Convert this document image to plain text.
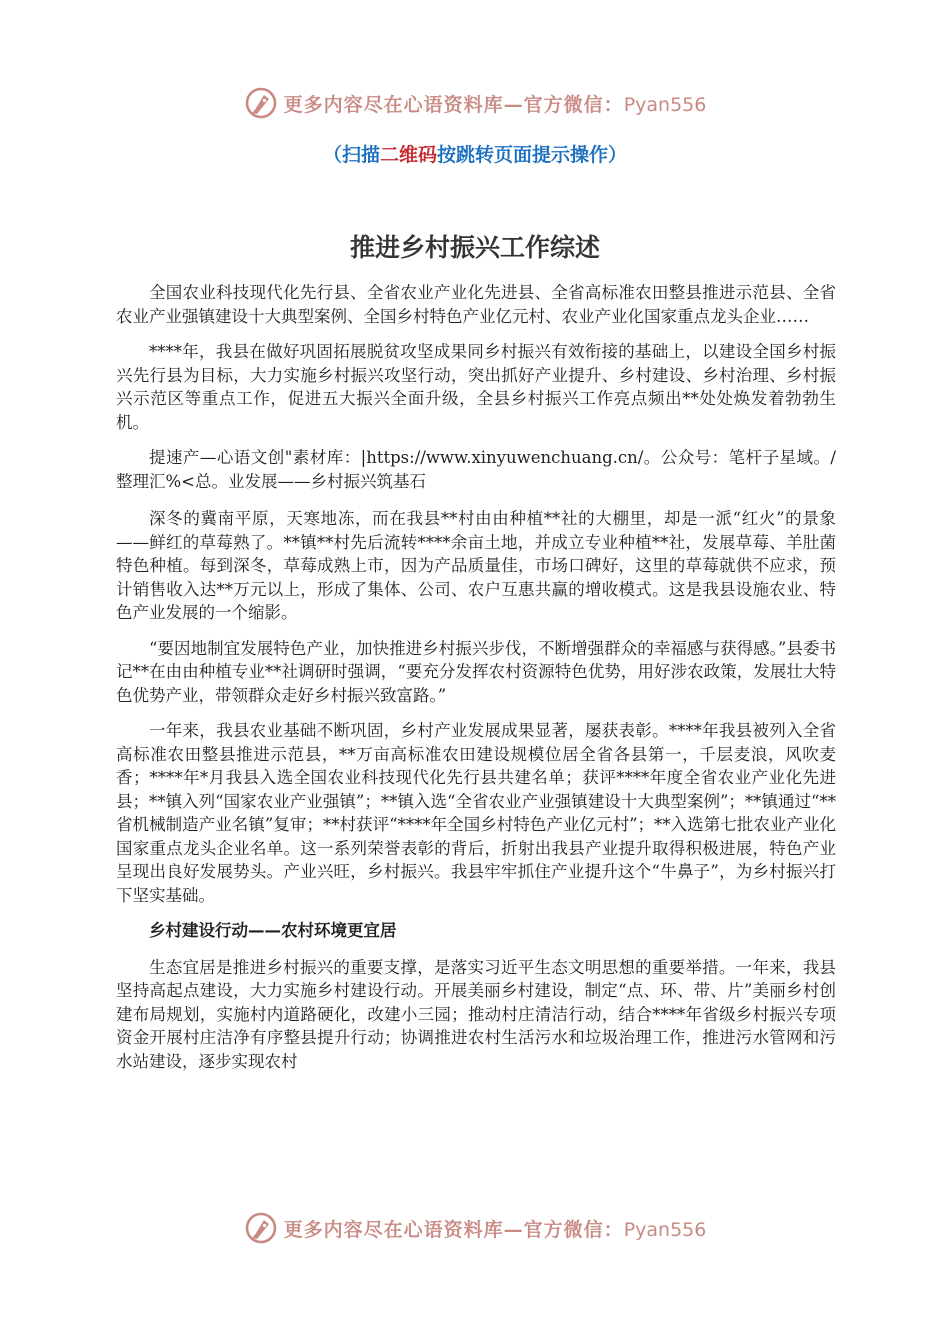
更多内容尽在心语资料库—官方微信：Pyan556
（扫描二维码按跳转页面提示操作）
推进乡村振兴工作综述

全国农业科技现代化先行县、全省农业产业化先进县、全省高标准农田整县推进示范县、全省农业产业强镇建设十大典型案例、全国乡村特色产业亿元村、农业产业化国家重点龙头企业……

****年，我县在做好巩固拓展脱贫攻坚成果同乡村振兴有效衔接的基础上，以建设全国乡村振兴先行县为目标，大力实施乡村振兴攻坚行动，突出抓好产业提升、乡村建设、乡村治理、乡村振兴示范区等重点工作，促进五大振兴全面升级，全县乡村振兴工作亮点频出**处处焕发着勃勃生机。

提速产—心语文创"素材库：|https://www.xinyuwenchuang.cn/。公众号：笔杆子星域。/整理汇%<总。业发展——乡村振兴筑基石

深冬的冀南平原，天寒地冻，而在我县**村由由种植**社的大棚里，却是一派“红火”的景象——鲜红的草莓熟了。**镇**村先后流转****余亩土地，并成立专业种植**社，发展草莓、羊肚菌特色种植。每到深冬，草莓成熟上市，因为产品质量佳，市场口碑好，这里的草莓就供不应求，预计销售收入达**万元以上，形成了集体、公司、农户互惠共赢的增收模式。这是我县设施农业、特色产业发展的一个缩影。

“要因地制宜发展特色产业，加快推进乡村振兴步伐，不断增强群众的幸福感与获得感。”县委书记**在由由种植专业**社调研时强调，“要充分发挥农村资源特色优势，用好涉农政策，发展壮大特色优势产业，带领群众走好乡村振兴致富路。”

一年来，我县农业基础不断巩固，乡村产业发展成果显著，屡获表彰。****年我县被列入全省高标准农田整县推进示范县，**万亩高标准农田建设规模位居全省各县第一，千层麦浪，风吹麦香；****年*月我县入选全国农业科技现代化先行县共建名单；获评****年度全省农业产业化先进县；**镇入列“国家农业产业强镇”；**镇入选“全省农业产业强镇建设十大典型案例”；**镇通过“**省机械制造产业名镇”复审；**村获评“****年全国乡村特色产业亿元村”；**入选第七批农业产业化国家重点龙头企业名单。这一系列荣誉表彰的背后，折射出我县产业提升取得积极进展，特色产业呈现出良好发展势头。产业兴旺，乡村振兴。我县牢牢抓住产业提升这个“牛鼻子”，为乡村振兴打下坚实基础。

乡村建设行动——农村环境更宜居

生态宜居是推进乡村振兴的重要支撑，是落实习近平生态文明思想的重要举措。一年来，我县坚持高起点建设，大力实施乡村建设行动。开展美丽乡村建设，制定“点、环、带、片”美丽乡村创建布局规划，实施村内道路硬化，改建小三园；推动村庄清洁行动，结合****年省级乡村振兴专项资金开展村庄洁净有序整县提升行动；协调推进农村生活污水和垃圾治理工作，推进污水管网和污水站建设，逐步实现农村

更多内容尽在心语资料库—官方微信：Pyan556
